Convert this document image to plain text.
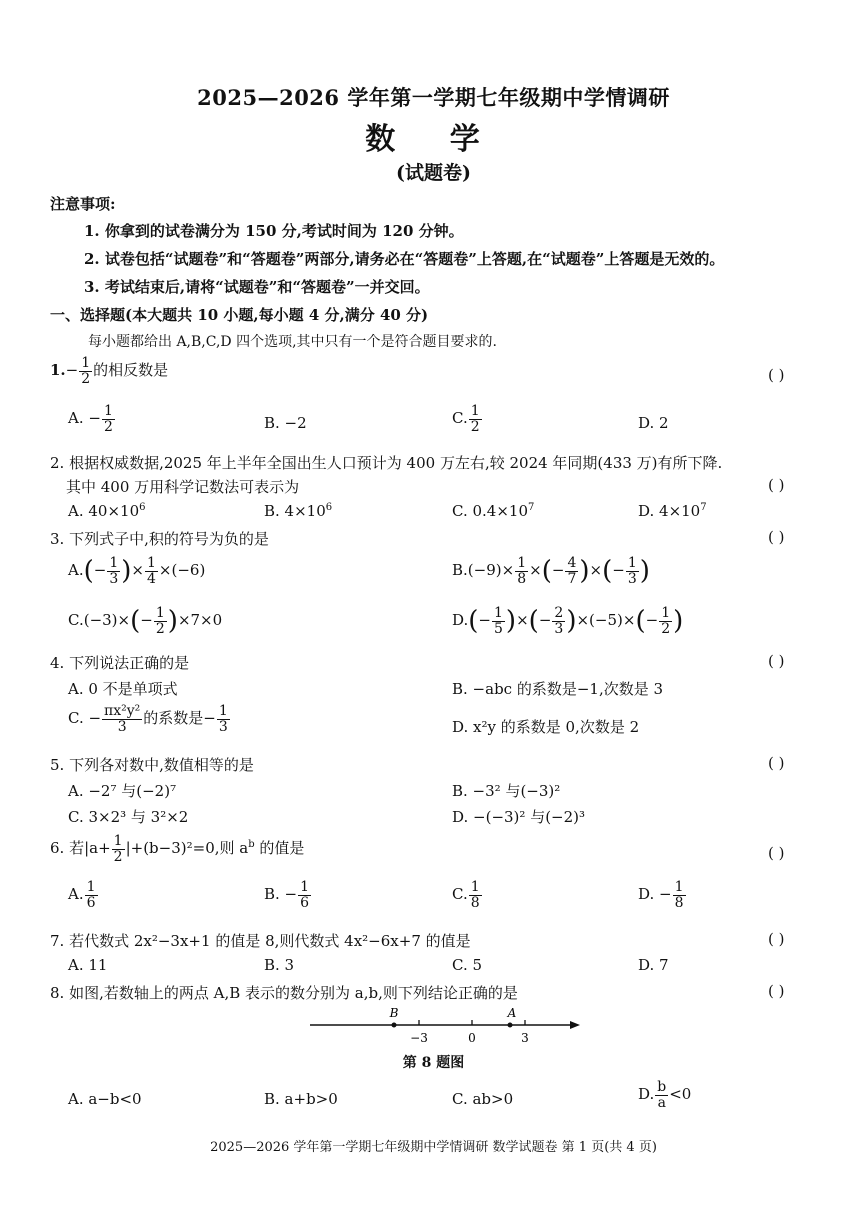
2025—2026 学年第一学期七年级期中学情调研
数 学
(试题卷)
注意事项:
1. 你拿到的试卷满分为 150 分,考试时间为 120 分钟。
2. 试卷包括“试题卷”和“答题卷”两部分,请务必在“答题卷”上答题,在“试题卷”上答题是无效的。
3. 考试结束后,请将“试题卷”和“答题卷”一并交回。
一、选择题(本大题共 10 小题,每小题 4 分,满分 40 分)
每小题都给出 A,B,C,D 四个选项,其中只有一个是符合题目要求的.
$1.- \frac{1}{2}$ 的相反数是	( )
A. − $\frac{1}{2}$	B. −2	C. $\frac{1}{2}$	D. 2
2. 根据权威数据,2025 年上半年全国出生人口预计为 400 万左右,较 2024 年同期(433 万)有所下降.
其中 400 万用科学记数法可表示为	( )
A. $40\times 10^6$	B. $4\times 10^6$	C. $0.4\times 10^7$	D. $4\times 10^7$
3. 下列式子中,积的符号为负的是	( )
$A.(- \frac{1}{3}$ )× $\frac{1}{4} \times(-6)$	$B.(-9)\times \frac{1}{8}$ ×(− $\frac{4}{7}$ )×(− $\frac{1}{3}$ )
$C.(-3)\times(- \frac{1}{2} )\times 7\times 0$	$D.(- \frac{1}{5}$ )×(− $\frac{2}{3} )\times(-5)\times(- \frac{1}{2}$ )
4. 下列说法正确的是	( )
A. 0 不是单项式	B. −abc 的系数是−1,次数是 3
C. − $\frac{\text{πx²y²}}{3}$ 的系数是− $\frac{1}{3}$	D. x²y 的系数是 0,次数是 2
5. 下列各对数中,数值相等的是	( )
A. −2⁷ 与(−2)⁷	B. −3² 与(−3)²
C. 3×2³ 与 3²×2	D. −(−3)² 与(−2)³
6. 若$|a+ \frac{1}{2} |+(b-3)^2=0$,则 $a^b$ 的值是	( )
A. $\frac{1}{6}$	B. − $\frac{1}{6}$	C. $\frac{1}{8}$	D. − $\frac{1}{8}$
7. 若代数式 2x²−3x+1 的值是 8,则代数式 4x²−6x+7 的值是	( )
A. 11	B. 3	C. 5	D. 7
8. 如图,若数轴上的两点 A,B 表示的数分别为 a,b,则下列结论正确的是	( )
B	A
−3	0	3
第 8 题图
A. a−b<0	B. a+b>0	C. ab>0	D. $\frac{b}{a} <0$
2025—2026 学年第一学期七年级期中学情调研 数学试题卷 第 1 页(共 4 页)
